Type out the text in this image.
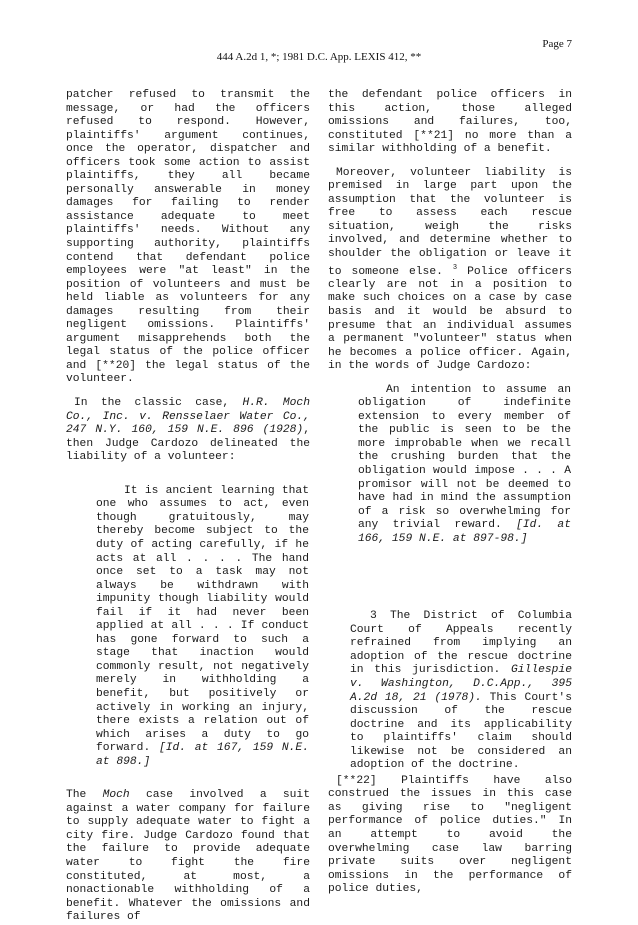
Page 7
444 A.2d 1, *; 1981 D.C. App. LEXIS 412, **

patcher refused to transmit the message, or had the officers refused to respond. However, plaintiffs' argument continues, once the operator, dispatcher and officers took some action to assist plaintiffs, they all became personally answerable in money damages for failing to render assistance adequate to meet plaintiffs' needs. Without any supporting authority, plaintiffs contend that defendant police employees were "at least" in the position of volunteers and must be held liable as volunteers for any damages resulting from their negligent omissions. Plaintiffs' argument misapprehends both the legal status of the police officer and [**20] the legal status of the volunteer.

In the classic case, H.R. Moch Co., Inc. v. Rensselaer Water Co., 247 N.Y. 160, 159 N.E. 896 (1928), then Judge Cardozo delineated the liability of a volunteer:

It is ancient learning that one who assumes to act, even though gratuitously, may thereby become subject to the duty of acting carefully, if he acts at all . . . . The hand once set to a task may not always be withdrawn with impunity though liability would fail if it had never been applied at all . . . If conduct has gone forward to such a stage that inaction would commonly result, not negatively merely in withholding a benefit, but positively or actively in working an injury, there exists a relation out of which arises a duty to go forward. [Id. at 167, 159 N.E. at 898.]

The Moch case involved a suit against a water company for failure to supply adequate water to fight a city fire. Judge Cardozo found that the failure to provide adequate water to fight the fire constituted, at most, a nonactionable withholding of a benefit. Whatever the omissions and failures of

the defendant police officers in this action, those alleged omissions and failures, too, constituted [**21] no more than a similar withholding of a benefit.

Moreover, volunteer liability is premised in large part upon the assumption that the volunteer is free to assess each rescue situation, weigh the risks involved, and determine whether to shoulder the obligation or leave it to someone else. $^3$ Police officers clearly are not in a position to make such choices on a case by case basis and it would be absurd to presume that an individual assumes a permanent "volunteer" status when he becomes a police officer. Again, in the words of Judge Cardozo:

An intention to assume an obligation of indefinite extension to every member of the public is seen to be the more improbable when we recall the crushing burden that the obligation would impose . . . A promisor will not be deemed to have had in mind the assumption of a risk so overwhelming for any trivial reward. [Id. at 166, 159 N.E. at 897-98.]

3 The District of Columbia Court of Appeals recently refrained from implying an adoption of the rescue doctrine in this jurisdiction. Gillespie v. Washington, D.C.App., 395 A.2d 18, 21 (1978). This Court's discussion of the rescue doctrine and its applicability to plaintiffs' claim should likewise not be considered an adoption of the doctrine.

[**22] Plaintiffs have also construed the issues in this case as giving rise to "negligent performance of police duties." In an attempt to avoid the overwhelming case law barring private suits over negligent omissions in the performance of police duties,
